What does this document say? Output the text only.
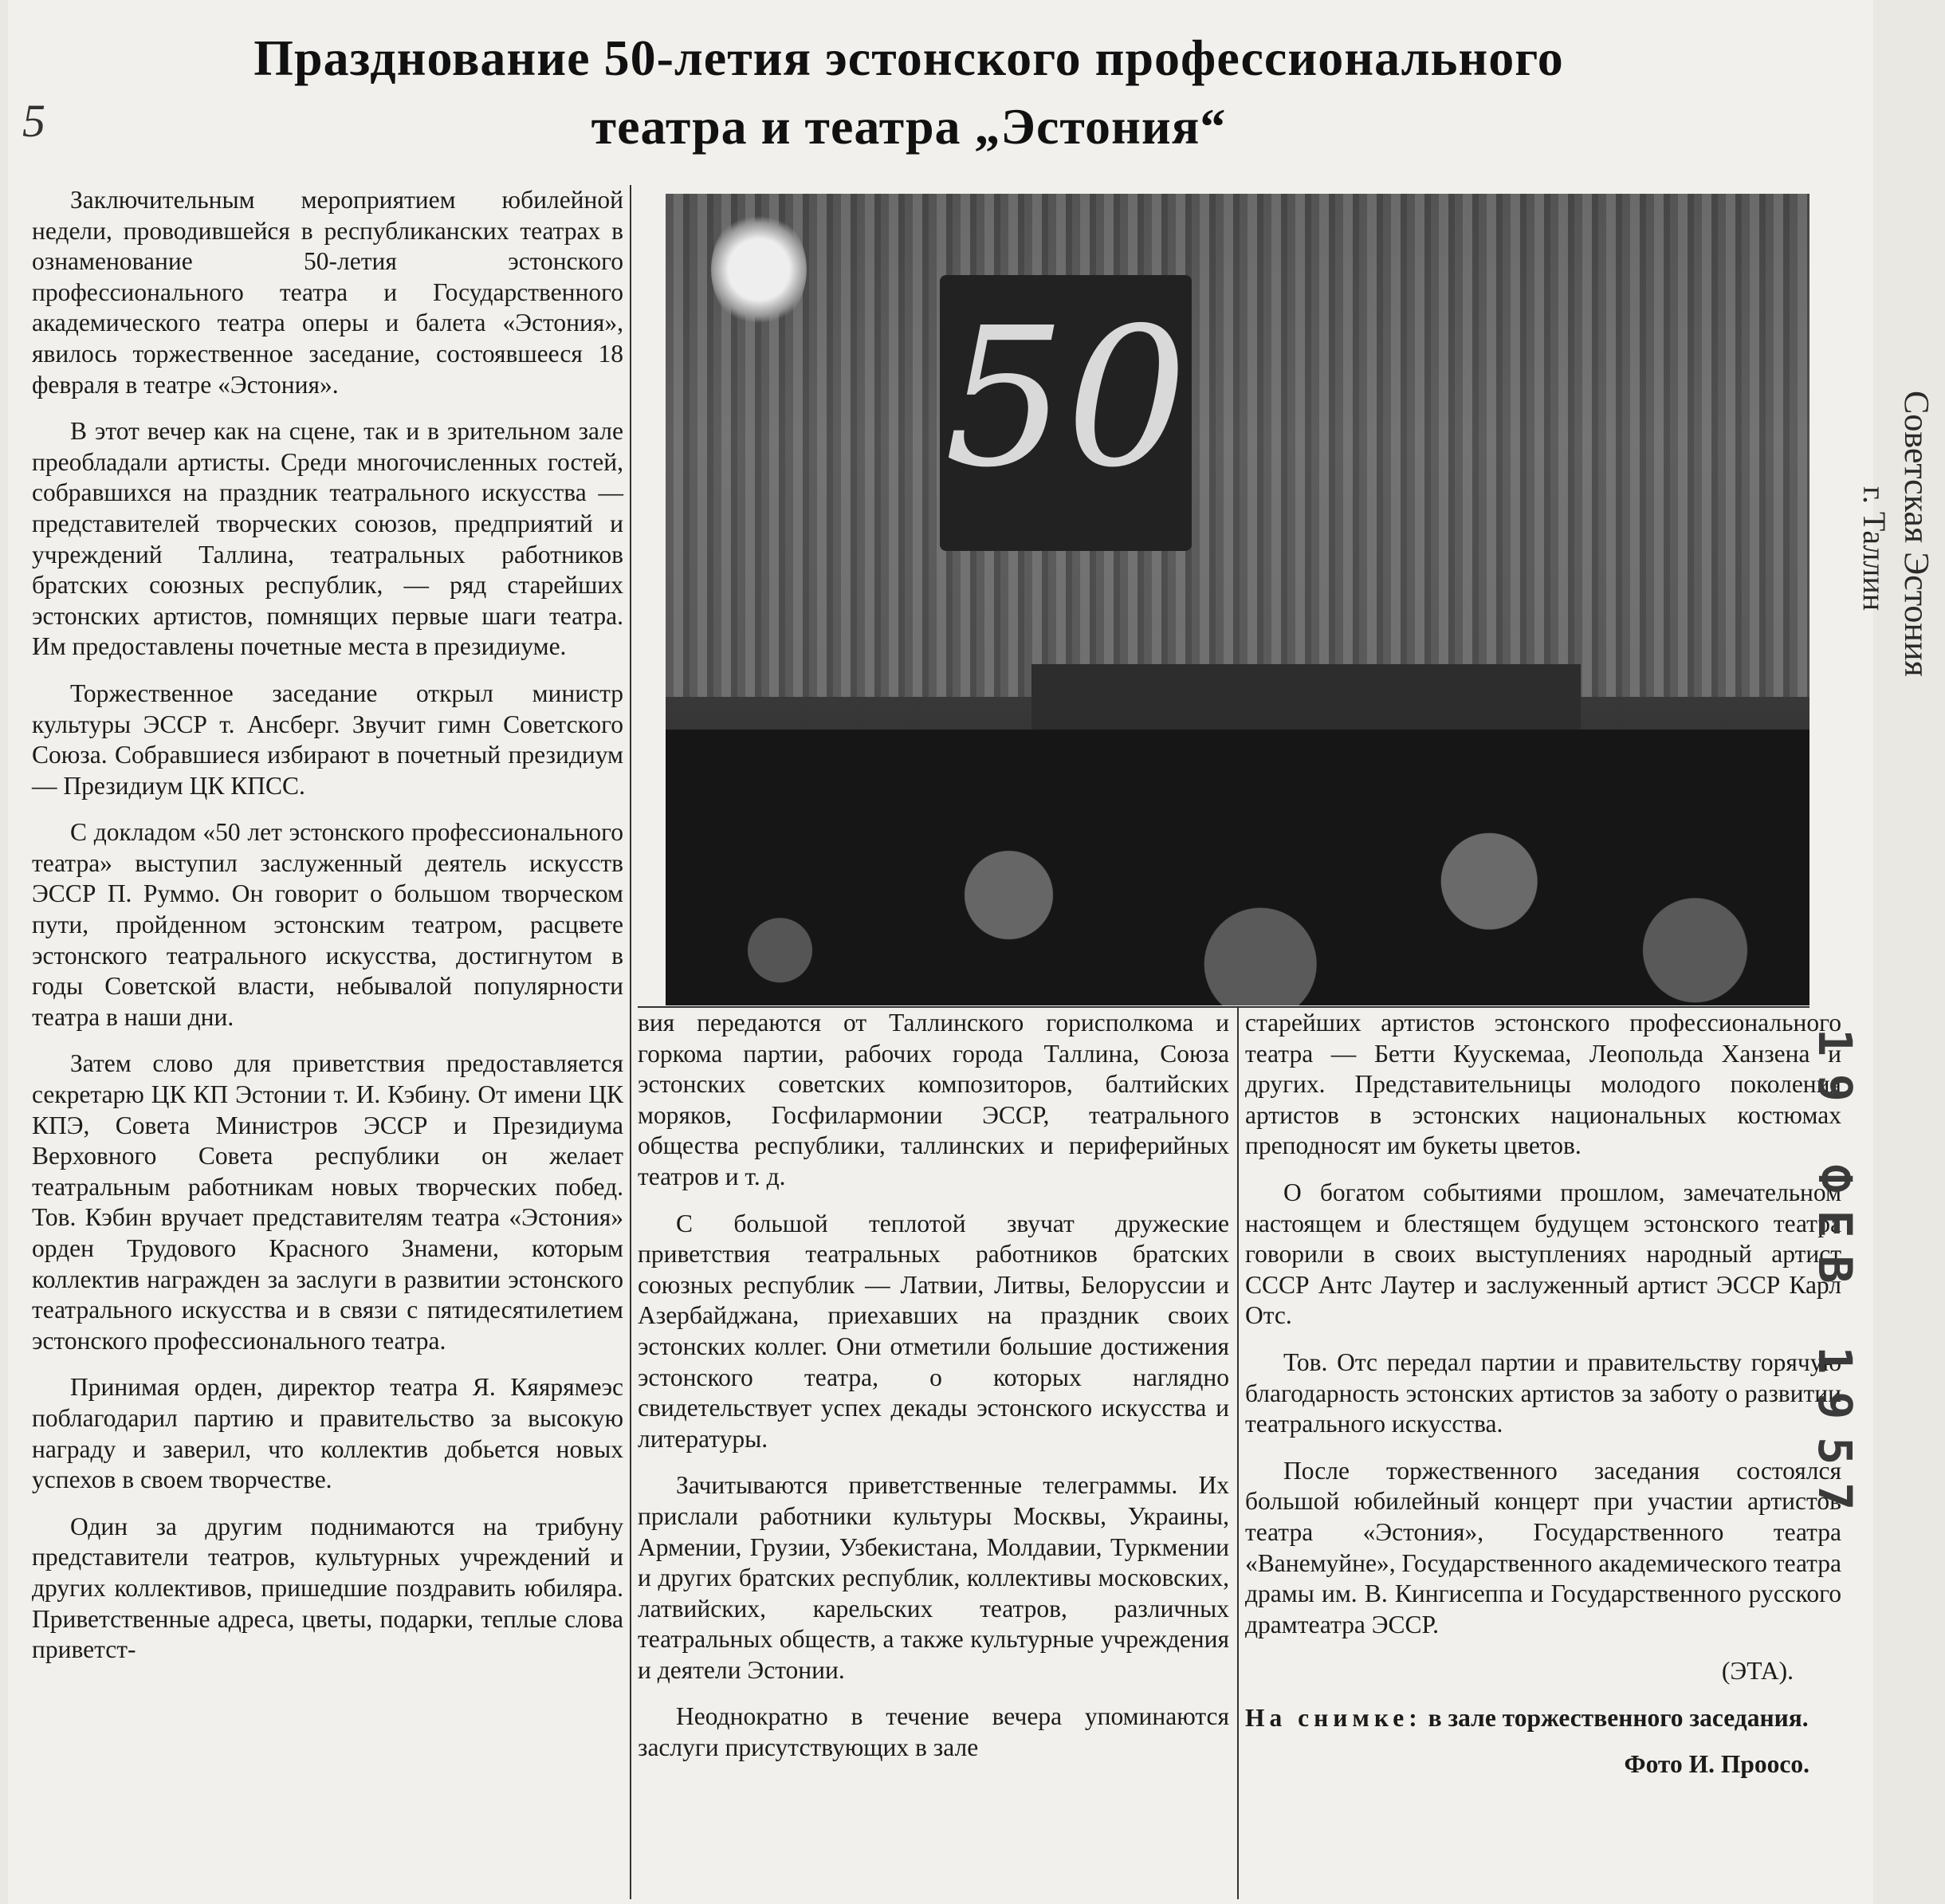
5
Празднование 50-летия эстонского профессионального
театра и театра „Эстония“

Заключительным мероприятием юбилейной недели, проводившейся в республиканских театрах в ознаменование 50-летия эстонского профессионального театра и Государственного академического театра оперы и балета «Эстония», явилось торжественное заседание, состоявшееся 18 февраля в театре «Эстония».

В этот вечер как на сцене, так и в зрительном зале преобладали артисты. Среди многочисленных гостей, собравшихся на праздник театрального искусства — представителей творческих союзов, предприятий и учреждений Таллина, театральных работников братских союзных республик, — ряд старейших эстонских артистов, помнящих первые шаги театра. Им предоставлены почетные места в президиуме.

Торжественное заседание открыл министр культуры ЭССР т. Ансберг. Звучит гимн Советского Союза. Собравшиеся избирают в почетный президиум — Президиум ЦК КПСС.

С докладом «50 лет эстонского профессионального театра» выступил заслуженный деятель искусств ЭССР П. Руммо. Он говорит о большом творческом пути, пройденном эстонским театром, расцвете эстонского театрального искусства, достигнутом в годы Советской власти, небывалой популярности театра в наши дни.

Затем слово для приветствия предоставляется секретарю ЦК КП Эстонии т. И. Кэбину. От имени ЦК КПЭ, Совета Министров ЭССР и Президиума Верховного Совета республики он желает театральным работникам новых творческих побед. Тов. Кэбин вручает представителям театра «Эстония» орден Трудового Красного Знамени, которым коллектив награжден за заслуги в развитии эстонского театрального искусства и в связи с пятидесятилетием эстонского профессионального театра.

Принимая орден, директор театра Я. Кяярямеэс поблагодарил партию и правительство за высокую награду и заверил, что коллектив добьется новых успехов в своем творчестве.

Один за другим поднимаются на трибуну представители театров, культурных учреждений и других коллективов, пришедшие поздравить юбиляра. Приветственные адреса, цветы, подарки, теплые слова приветст-

50

вия передаются от Таллинского горисполкома и горкома партии, рабочих города Таллина, Союза эстонских советских композиторов, балтийских моряков, Госфилармонии ЭССР, театрального общества республики, таллинских и периферийных театров и т. д.

С большой теплотой звучат дружеские приветствия театральных работников братских союзных республик — Латвии, Литвы, Белоруссии и Азербайджана, приехавших на праздник своих эстонских коллег. Они отметили большие достижения эстонского театра, о которых наглядно свидетельствует успех декады эстонского искусства и литературы.

Зачитываются приветственные телеграммы. Их прислали работники культуры Москвы, Украины, Армении, Грузии, Узбекистана, Молдавии, Туркмении и других братских республик, коллективы московских, латвийских, карельских театров, различных театральных обществ, а также культурные учреждения и деятели Эстонии.

Неоднократно в течение вечера упоминаются заслуги присутствующих в зале

старейших артистов эстонского профессионального театра — Бетти Куускемаа, Леопольда Ханзена и других. Представительницы молодого поколения артистов в эстонских национальных костюмах преподносят им букеты цветов.

О богатом событиями прошлом, замечательном настоящем и блестящем будущем эстонского театра говорили в своих выступлениях народный артист СССР Антс Лаутер и заслуженный артист ЭССР Карл Отс.

Тов. Отс передал партии и правительству горячую благодарность эстонских артистов за заботу о развитии театрального искусства.

После торжественного заседания состоялся большой юбилейный концерт при участии артистов театра «Эстония», Государственного театра «Ванемуйне», Государственного академического театра драмы им. В. Кингисеппа и Государственного русского драмтеатра ЭССР.

(ЭТА).

На снимке: в зале торжественного заседания.

Фото И. Проосо.

Советская Эстония
г. Таллин
19 ФЕВ 1957
